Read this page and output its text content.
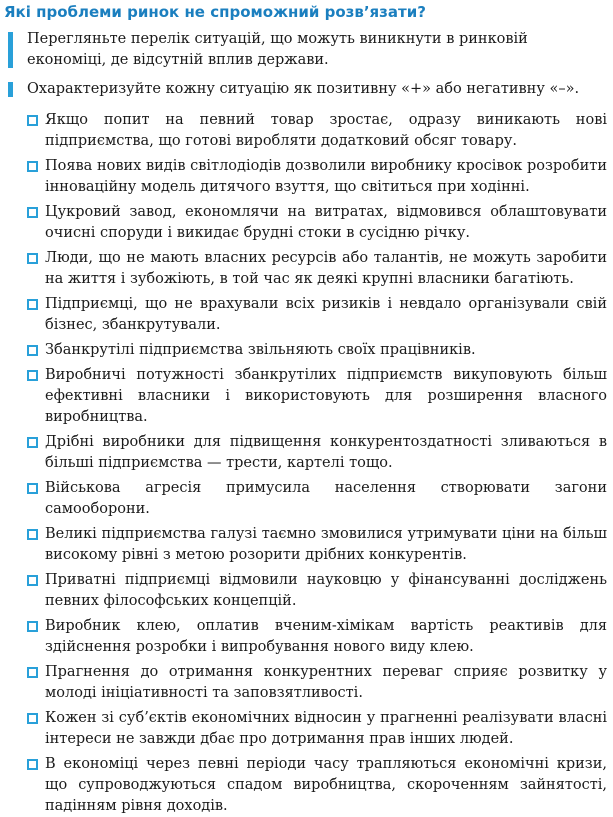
Які проблеми ринок не спроможний розв’язати?
Перегляньте перелік ситуацій, що можуть виникнути в ринковій економіці, де відсутній вплив держави.
Охарактеризуйте кожну ситуацію як позитивну «+» або негативну «–».
Якщо попит на певний товар зростає, одразу виникають нові підприємства, що готові виробляти додатковий обсяг товару.
Поява нових видів світлодіодів дозволили виробнику кросівок розробити інноваційну модель дитячого взуття, що світиться при ходінні.
Цукровий завод, економлячи на витратах, відмовився облаштовувати очисні споруди і викидає брудні стоки в сусідню річку.
Люди, що не мають власних ресурсів або талантів, не можуть заробити на життя і зубожіють, в той час як деякі крупні власники багатіють.
Підприємці, що не врахували всіх ризиків і невдало організували свій бізнес, збанкрутували.
Збанкрутілі підприємства звільняють своїх працівників.
Виробничі потужності збанкрутілих підприємств викуповують більш ефективні власники і використовують для розширення власного виробництва.
Дрібні виробники для підвищення конкурентоздатності зливаються в більші підприємства — трести, картелі тощо.
Військова агресія примусила населення створювати загони самооборони.
Великі підприємства галузі таємно змовилися утримувати ціни на більш високому рівні з метою розорити дрібних конкурентів.
Приватні підприємці відмовили науковцю у фінансуванні досліджень певних філософських концепцій.
Виробник клею, оплатив вченим-хімікам вартість реактивів для здійснення розробки і випробування нового виду клею.
Прагнення до отримання конкурентних переваг сприяє розвитку у молоді ініціативності та заповзятливості.
Кожен зі суб’єктів економічних відносин у прагненні реалізувати власні інтереси не завжди дбає про дотримання прав інших людей.
В економіці через певні періоди часу трапляються економічні кризи, що супроводжуються спадом виробництва, скороченням зайнятості, падінням рівня доходів.
